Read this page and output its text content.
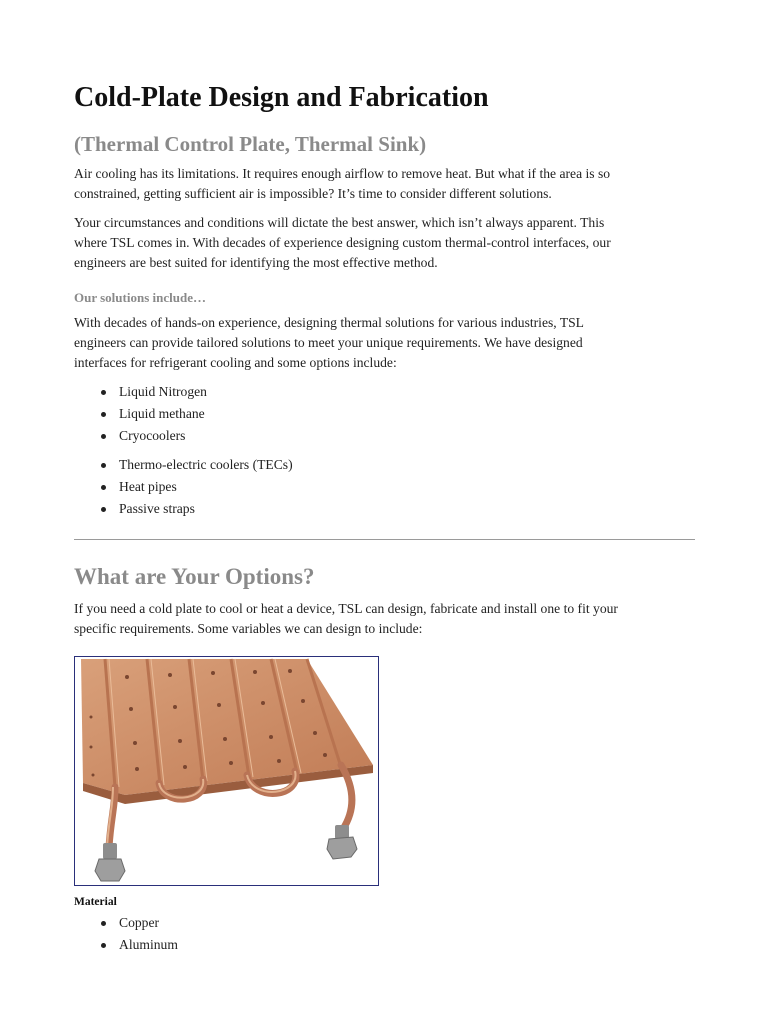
Cold-Plate Design and Fabrication

(Thermal Control Plate, Thermal Sink)

Air cooling has its limitations. It requires enough airflow to remove heat. But what if the area is so
constrained, getting sufficient air is impossible? It’s time to consider different solutions.

Your circumstances and conditions will dictate the best answer, which isn’t always apparent. This
where TSL comes in. With decades of experience designing custom thermal-control interfaces, our
engineers are best suited for identifying the most effective method.

Our solutions include…

With decades of hands-on experience, designing thermal solutions for various industries, TSL
engineers can provide tailored solutions to meet your unique requirements. We have designed
interfaces for refrigerant cooling and some options include:

Liquid Nitrogen
Liquid methane
Cryocoolers
Thermo-electric coolers (TECs)
Heat pipes
Passive straps
What are Your Options?

If you need a cold plate to cool or heat a device, TSL can design, fabricate and install one to fit your
specific requirements. Some variables we can design to include:

Material

Copper
Aluminum
